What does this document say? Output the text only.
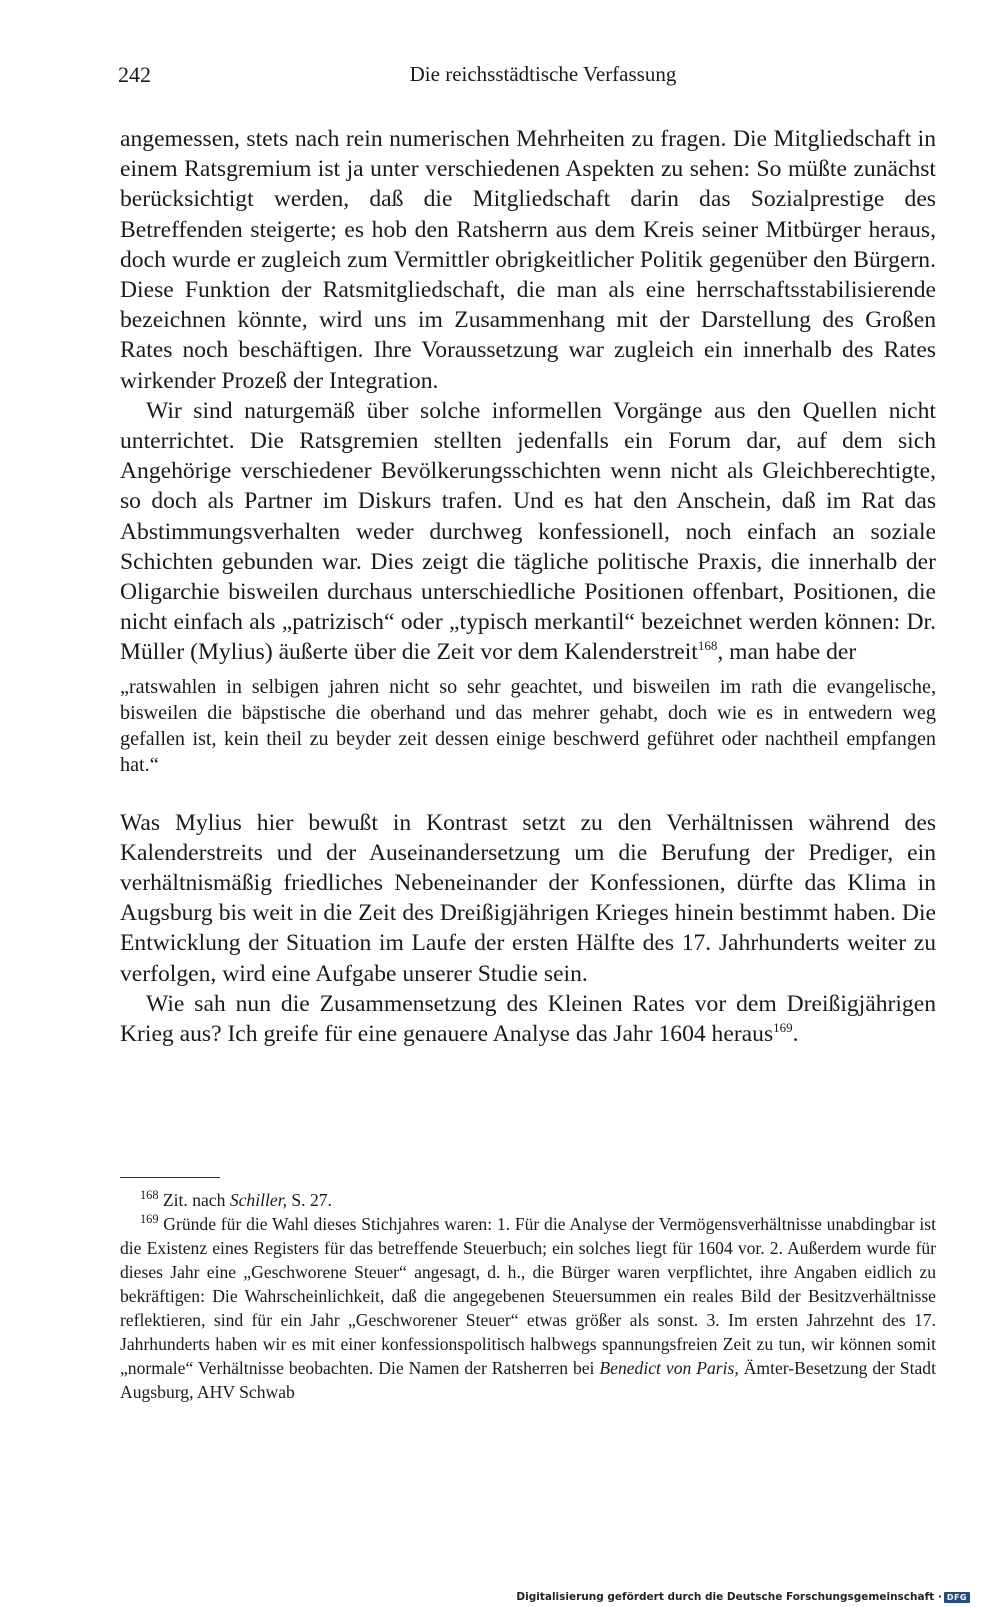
242	Die reichsstädtische Verfassung

angemessen, stets nach rein numerischen Mehrheiten zu fragen. Die Mitgliedschaft in einem Ratsgremium ist ja unter verschiedenen Aspekten zu sehen: So müßte zunächst berücksichtigt werden, daß die Mitgliedschaft darin das Sozialprestige des Betreffenden steigerte; es hob den Ratsherrn aus dem Kreis seiner Mitbürger heraus, doch wurde er zugleich zum Vermittler obrigkeitlicher Politik gegenüber den Bürgern. Diese Funktion der Ratsmitgliedschaft, die man als eine herrschaftsstabilisierende bezeichnen könnte, wird uns im Zusammenhang mit der Darstellung des Großen Rates noch beschäftigen. Ihre Voraussetzung war zugleich ein innerhalb des Rates wirkender Prozeß der Integration.

Wir sind naturgemäß über solche informellen Vorgänge aus den Quellen nicht unterrichtet. Die Ratsgremien stellten jedenfalls ein Forum dar, auf dem sich Angehörige verschiedener Bevölkerungsschichten wenn nicht als Gleichberechtigte, so doch als Partner im Diskurs trafen. Und es hat den Anschein, daß im Rat das Abstimmungsverhalten weder durchweg konfessionell, noch einfach an soziale Schichten gebunden war. Dies zeigt die tägliche politische Praxis, die innerhalb der Oligarchie bisweilen durchaus unterschiedliche Positionen offenbart, Positionen, die nicht einfach als „patrizisch“ oder „typisch merkantil“ bezeichnet werden können: Dr. Müller (Mylius) äußerte über die Zeit vor dem Kalenderstreit$^{168}$, man habe der

„ratswahlen in selbigen jahren nicht so sehr geachtet, und bisweilen im rath die evangelische, bisweilen die bäpstische die oberhand und das mehrer gehabt, doch wie es in entwedern weg gefallen ist, kein theil zu beyder zeit dessen einige beschwerd geführet oder nachtheil empfangen hat.“

Was Mylius hier bewußt in Kontrast setzt zu den Verhältnissen während des Kalenderstreits und der Auseinandersetzung um die Berufung der Prediger, ein verhältnismäßig friedliches Nebeneinander der Konfessionen, dürfte das Klima in Augsburg bis weit in die Zeit des Dreißigjährigen Krieges hinein bestimmt haben. Die Entwicklung der Situation im Laufe der ersten Hälfte des 17. Jahrhunderts weiter zu verfolgen, wird eine Aufgabe unserer Studie sein.

Wie sah nun die Zusammensetzung des Kleinen Rates vor dem Dreißigjährigen Krieg aus? Ich greife für eine genauere Analyse das Jahr 1604 heraus$^{169}$.

$^{168}$ Zit. nach Schiller, S. 27.

$^{169}$ Gründe für die Wahl dieses Stichjahres waren: 1. Für die Analyse der Vermögensverhältnisse unabdingbar ist die Existenz eines Registers für das betreffende Steuerbuch; ein solches liegt für 1604 vor. 2. Außerdem wurde für dieses Jahr eine „Geschworene Steuer“ angesagt, d. h., die Bürger waren verpflichtet, ihre Angaben eidlich zu bekräftigen: Die Wahrscheinlichkeit, daß die angegebenen Steuersummen ein reales Bild der Besitzverhältnisse reflektieren, sind für ein Jahr „Geschworener Steuer“ etwas größer als sonst. 3. Im ersten Jahrzehnt des 17. Jahrhunderts haben wir es mit einer konfessionspolitisch halbwegs spannungsfreien Zeit zu tun, wir können somit „normale“ Verhältnisse beobachten. Die Namen der Ratsherren bei Benedict von Paris, Ämter-Besetzung der Stadt Augsburg, AHV Schwab

Digitalisierung gefördert durch die Deutsche Forschungsgemeinschaft · DFG
